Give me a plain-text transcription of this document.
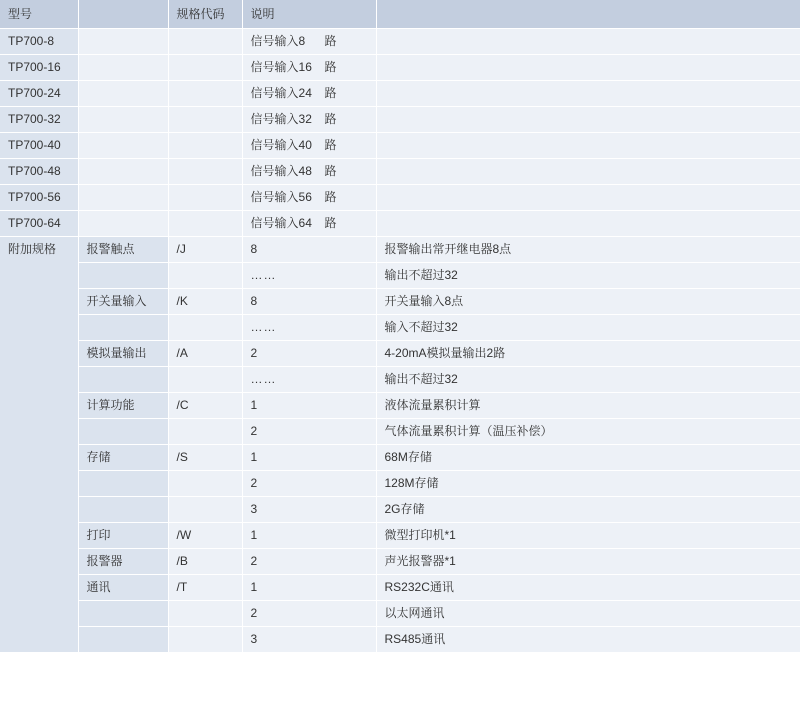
型号		规格代码	说明	
TP700-8			信号输入8 路	
TP700-16			信号输入16 路	
TP700-24			信号输入24 路	
TP700-32			信号输入32 路	
TP700-40			信号输入40 路	
TP700-48			信号输入48 路	
TP700-56			信号输入56 路	
TP700-64			信号输入64 路	
附加规格	报警触点	/J	8	报警输出常开继电器8点
			……	输出不超过32
	开关量输入	/K	8	开关量输入8点
			……	输入不超过32
	模拟量输出	/A	2	4-20mA模拟量输出2路
			……	输出不超过32
	计算功能	/C	1	液体流量累积计算
			2	气体流量累积计算（温压补偿）
	存储	/S	1	68M存储
			2	128M存储
			3	2G存储
	打印	/W	1	微型打印机*1
	报警器	/B	2	声光报警器*1
	通讯	/T	1	RS232C通讯
			2	以太网通讯
			3	RS485通讯
